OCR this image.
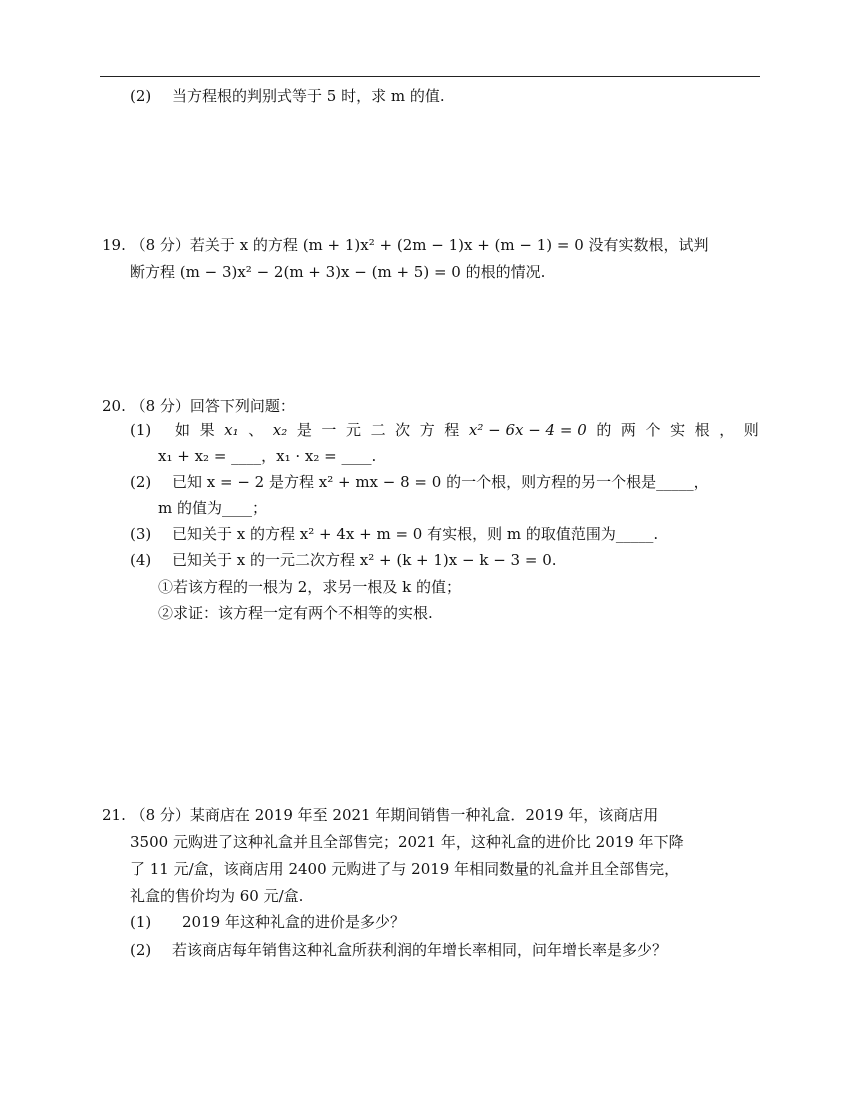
(2) 当方程根的判别式等于 5 时，求 m 的值.
19. （8 分）若关于 x 的方程 (m + 1)x² + (2m − 1)x + (m − 1) = 0 没有实数根，试判
断方程 (m − 3)x² − 2(m + 3)x − (m + 5) = 0 的根的情况.
20. （8 分）回答下列问题：
(1) 如 果 x₁ 、 x₂ 是 一 元 二 次 方 程 x² − 6x − 4 = 0 的 两 个 实 根 ， 则
x₁ + x₂ = ____，x₁ · x₂ = ____.
(2) 已知 x = − 2 是方程 x² + mx − 8 = 0 的一个根，则方程的另一个根是_____，
m 的值为____；
(3) 已知关于 x 的方程 x² + 4x + m = 0 有实根，则 m 的取值范围为_____.
(4) 已知关于 x 的一元二次方程 x² + (k + 1)x − k − 3 = 0.
①若该方程的一根为 2，求另一根及 k 的值；
②求证：该方程一定有两个不相等的实根.
21. （8 分）某商店在 2019 年至 2021 年期间销售一种礼盒．2019 年，该商店用
3500 元购进了这种礼盒并且全部售完；2021 年，这种礼盒的进价比 2019 年下降
了 11 元/盒，该商店用 2400 元购进了与 2019 年相同数量的礼盒并且全部售完，
礼盒的售价均为 60 元/盒.
(1) 2019 年这种礼盒的进价是多少？
(2) 若该商店每年销售这种礼盒所获利润的年增长率相同，问年增长率是多少？
